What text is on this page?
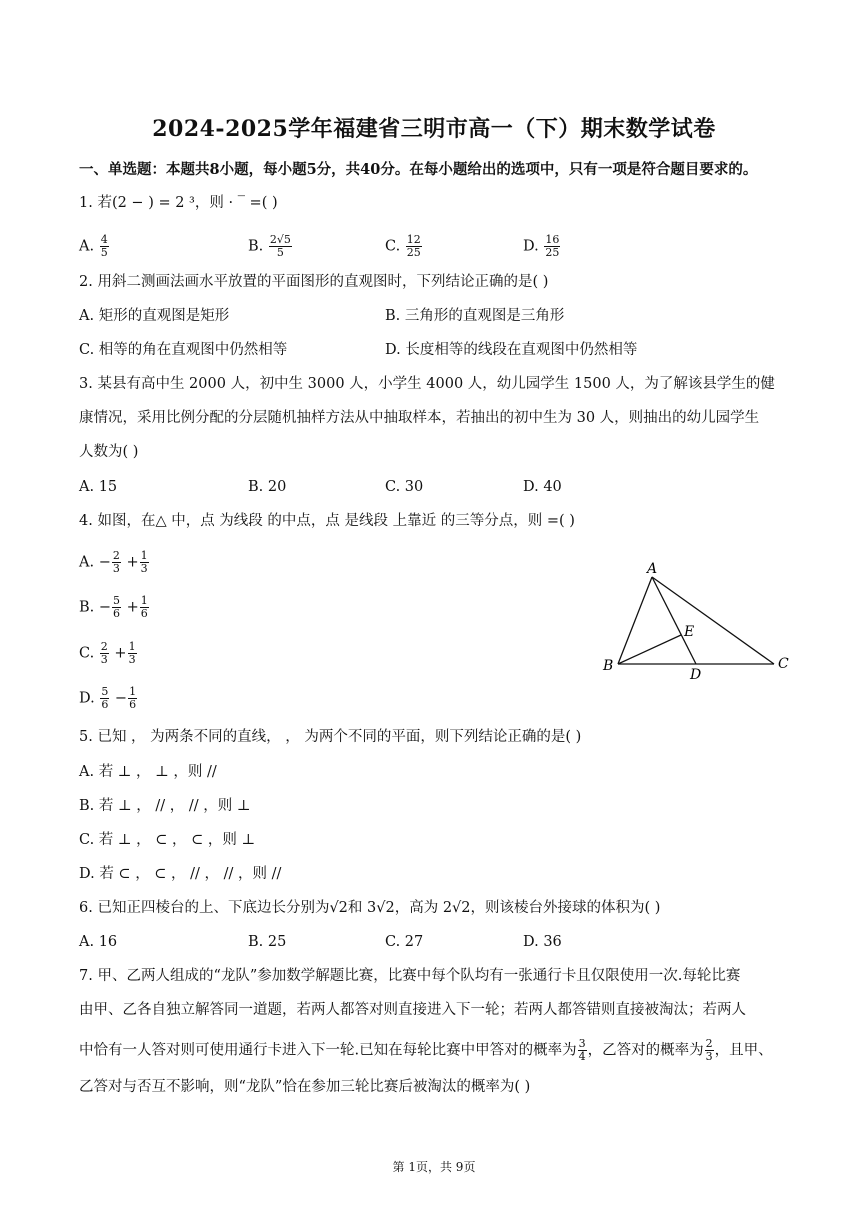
2024-2025学年福建省三明市高一（下）期末数学试卷
一、单选题：本题共8小题，每小题5分，共40分。在每小题给出的选项中，只有一项是符合题目要求的。
1. 若(2 − ) = 2 ³，则 · ‾ =( )
A. $\frac{4}{5}$	B. $\frac{2√5}{5}$	C. $\frac{12}{25}$	D. $\frac{16}{25}$
2. 用斜二测画法画水平放置的平面图形的直观图时，下列结论正确的是( )
A. 矩形的直观图是矩形	B. 三角形的直观图是三角形
C. 相等的角在直观图中仍然相等	D. 长度相等的线段在直观图中仍然相等
3. 某县有高中生 2000 人，初中生 3000 人，小学生 4000 人，幼儿园学生 1500 人，为了解该县学生的健
康情况，采用比例分配的分层随机抽样方法从中抽取样本，若抽出的初中生为 30 人，则抽出的幼儿园学生
人数为( )
A. 15	B. 20	C. 30	D. 40
4. 如图，在△ 中，点 为线段 的中点，点 是线段 上靠近 的三等分点，则 =( )
A. − $\frac{2}{3} + \frac{1}{3}$
B. − $\frac{5}{6} + \frac{1}{6}$
C. $\frac{2}{3} + \frac{1}{3}$
D. $\frac{5}{6} - \frac{1}{6}$
A
B	C
D
E
5. 已知 ， 为两条不同的直线， ， 为两个不同的平面，则下列结论正确的是( )
A. 若 ⊥ ， ⊥ ，则 //
B. 若 ⊥ ， // ， // ，则 ⊥
C. 若 ⊥ ， ⊂ ， ⊂ ，则 ⊥
D. 若 ⊂ ， ⊂ ， // ， // ，则 //
6. 已知正四棱台的上、下底边长分别为√2和 3√2，高为 2√2，则该棱台外接球的体积为( )
A. 16	B. 25	C. 27	D. 36
7. 甲、乙两人组成的“龙队”参加数学解题比赛，比赛中每个队均有一张通行卡且仅限使用一次.每轮比赛
由甲、乙各自独立解答同一道题，若两人都答对则直接进入下一轮；若两人都答错则直接被淘汰；若两人
中恰有一人答对则可使用通行卡进入下一轮.已知在每轮比赛中甲答对的概率为 $\frac{3}{4}$ ，乙答对的概率为 $\frac{2}{3}$ ，且甲、
乙答对与否互不影响，则“龙队”恰在参加三轮比赛后被淘汰的概率为( )
第 1页，共 9页
